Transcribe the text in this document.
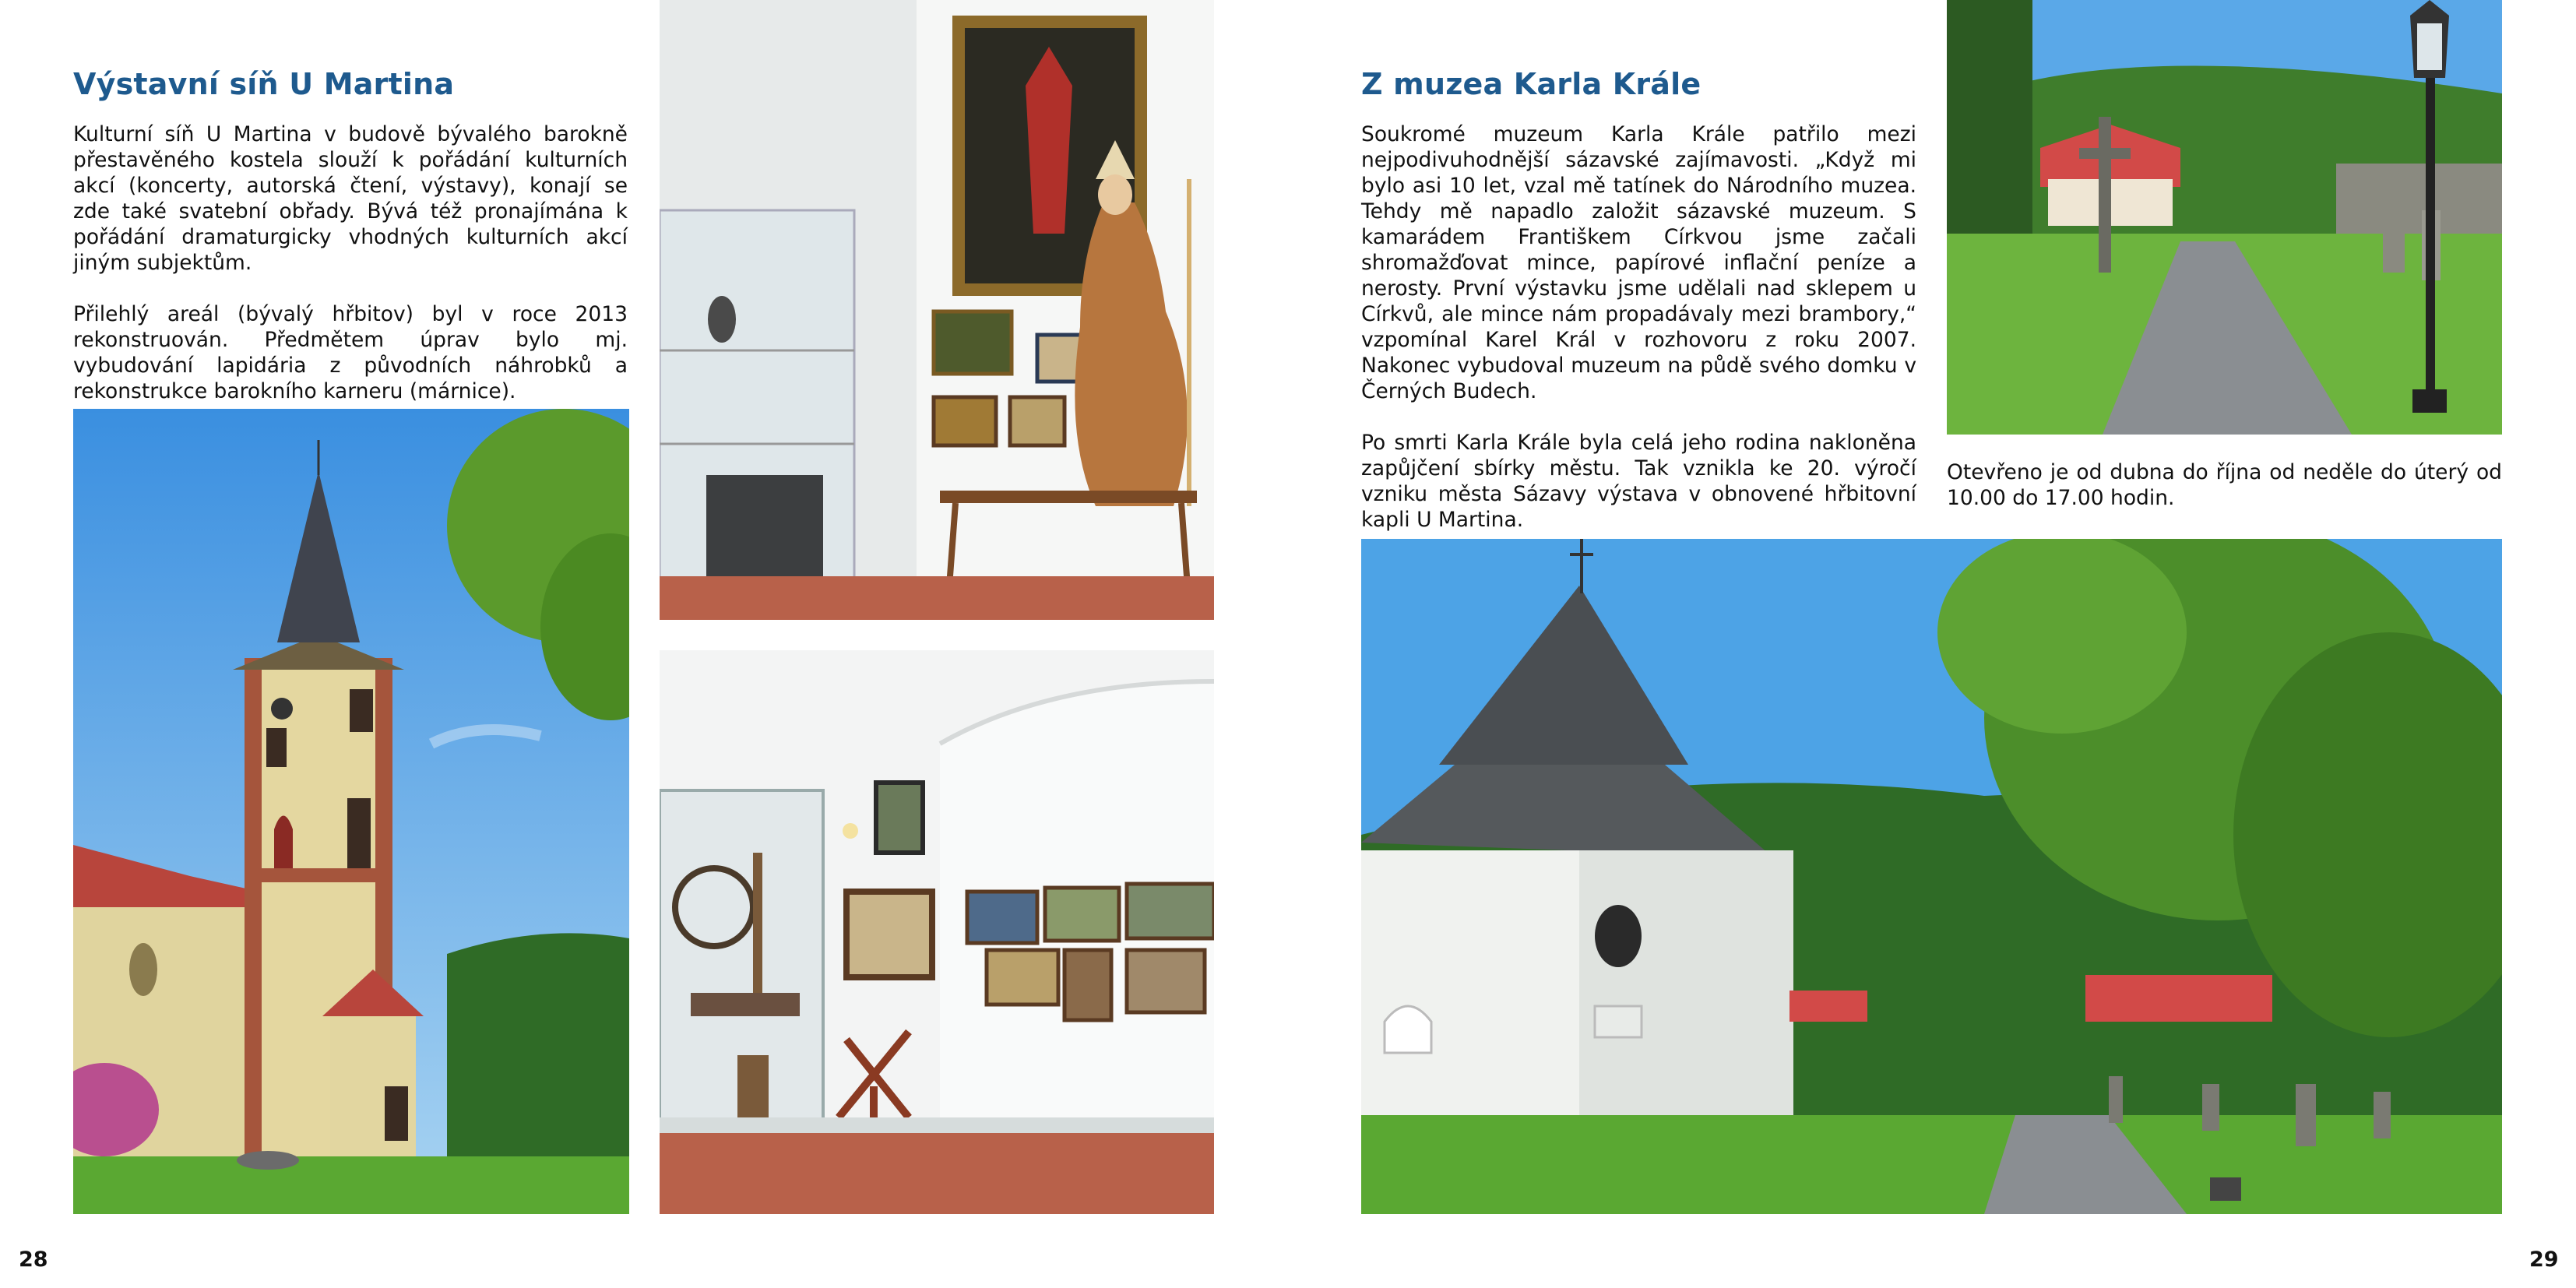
Výstavní síň U Martina

Kulturní síň U Martina v budově bývalého barokně přestavěného kostela slouží k pořádání kulturních akcí (koncerty, autorská čtení, výstavy), konají se zde také svatební obřady. Bývá též pronajímána k pořádání dramaturgicky vhodných kulturních akcí jiným subjektům.

Přilehlý areál (bývalý hřbitov) byl v roce 2013 rekonstruován. Předmětem úprav bylo mj. vybudování lapidária z původních náhrobků a rekonstrukce barokního karneru (márnice).

Z muzea Karla Krále

Soukromé muzeum Karla Krále patřilo mezi nejpodivuhodnější sázavské zajímavosti. „Když mi bylo asi 10 let, vzal mě tatínek do Národního muzea. Tehdy mě napadlo založit sázavské muzeum. S kamarádem Františkem Církvou jsme začali shromažďovat mince, papírové inflační peníze a nerosty. První výstavku jsme udělali nad sklepem u Církvů, ale mince nám propadávaly mezi brambory,“ vzpomínal Karel Král v rozhovoru z roku 2007. Nakonec vybudoval muzeum na půdě svého domku v Černých Budech.

Po smrti Karla Krále byla celá jeho rodina nakloněna zapůjčení sbírky městu. Tak vznikla ke 20. výročí vzniku města Sázavy výstava v obnovené hřbitovní kapli U Martina.

Otevřeno je od dubna do října od neděle do úterý od 10.00 do 17.00 hodin.
28	29
